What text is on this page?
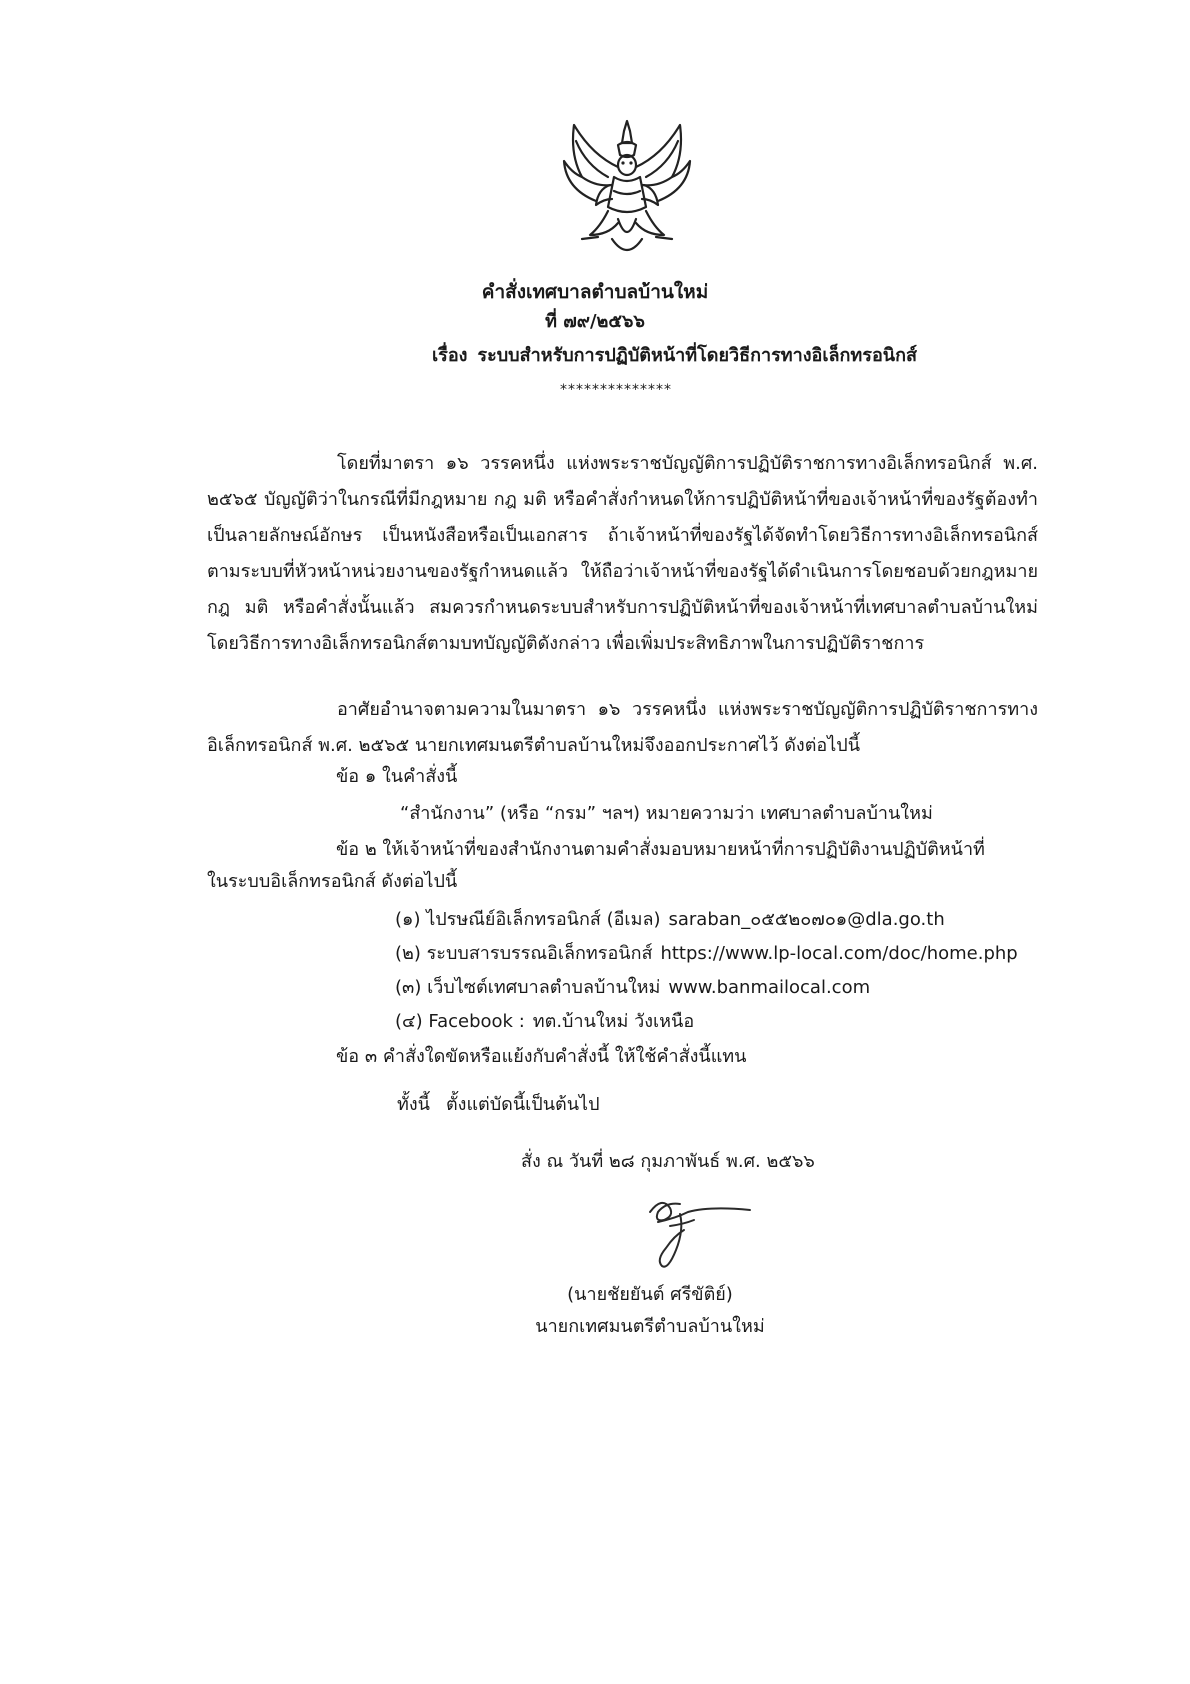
คำสั่งเทศบาลตำบลบ้านใหม่
ที่ ๗๙/๒๕๖๖
เรื่อง ระบบสำหรับการปฏิบัติหน้าที่โดยวิธีการทางอิเล็กทรอนิกส์
**************
โดยที่มาตรา ๑๖ วรรคหนึ่ง แห่งพระราชบัญญัติการปฏิบัติราชการทางอิเล็กทรอนิกส์ พ.ศ. ๒๕๖๕ บัญญัติว่าในกรณีที่มีกฎหมาย กฎ มติ หรือคำสั่งกำหนดให้การปฏิบัติหน้าที่ของเจ้าหน้าที่ของรัฐต้องทำเป็นลายลักษณ์อักษร เป็นหนังสือหรือเป็นเอกสาร ถ้าเจ้าหน้าที่ของรัฐได้จัดทำโดยวิธีการทางอิเล็กทรอนิกส์ตามระบบที่หัวหน้าหน่วยงานของรัฐกำหนดแล้ว ให้ถือว่าเจ้าหน้าที่ของรัฐได้ดำเนินการโดยชอบด้วยกฎหมาย กฎ มติ หรือคำสั่งนั้นแล้ว สมควรกำหนดระบบสำหรับการปฏิบัติหน้าที่ของเจ้าหน้าที่เทศบาลตำบลบ้านใหม่ โดยวิธีการทางอิเล็กทรอนิกส์ตามบทบัญญัติดังกล่าว เพื่อเพิ่มประสิทธิภาพในการปฏิบัติราชการ
อาศัยอำนาจตามความในมาตรา ๑๖ วรรคหนึ่ง แห่งพระราชบัญญัติการปฏิบัติราชการทางอิเล็กทรอนิกส์ พ.ศ. ๒๕๖๕ นายกเทศมนตรีตำบลบ้านใหม่จึงออกประกาศไว้ ดังต่อไปนี้
ข้อ ๑ ในคำสั่งนี้
“สำนักงาน” (หรือ “กรม” ฯลฯ) หมายความว่า เทศบาลตำบลบ้านใหม่
ข้อ ๒ ให้เจ้าหน้าที่ของสำนักงานตามคำสั่งมอบหมายหน้าที่การปฏิบัติงานปฏิบัติหน้าที่
ในระบบอิเล็กทรอนิกส์ ดังต่อไปนี้
(๑) ไปรษณีย์อิเล็กทรอนิกส์ (อีเมล) saraban_๐๕๕๒๐๗๐๑@dla.go.th
(๒) ระบบสารบรรณอิเล็กทรอนิกส์ https://www.lp-local.com/doc/home.php
(๓) เว็บไซต์เทศบาลตำบลบ้านใหม่ www.banmailocal.com
(๔) Facebook : ทต.บ้านใหม่ วังเหนือ
ข้อ ๓ คำสั่งใดขัดหรือแย้งกับคำสั่งนี้ ให้ใช้คำสั่งนี้แทน
ทั้งนี้ ตั้งแต่บัดนี้เป็นต้นไป
สั่ง ณ วันที่ ๒๘ กุมภาพันธ์ พ.ศ. ๒๕๖๖
(นายชัยยันต์ ศรีขัติย์)
นายกเทศมนตรีตำบลบ้านใหม่
